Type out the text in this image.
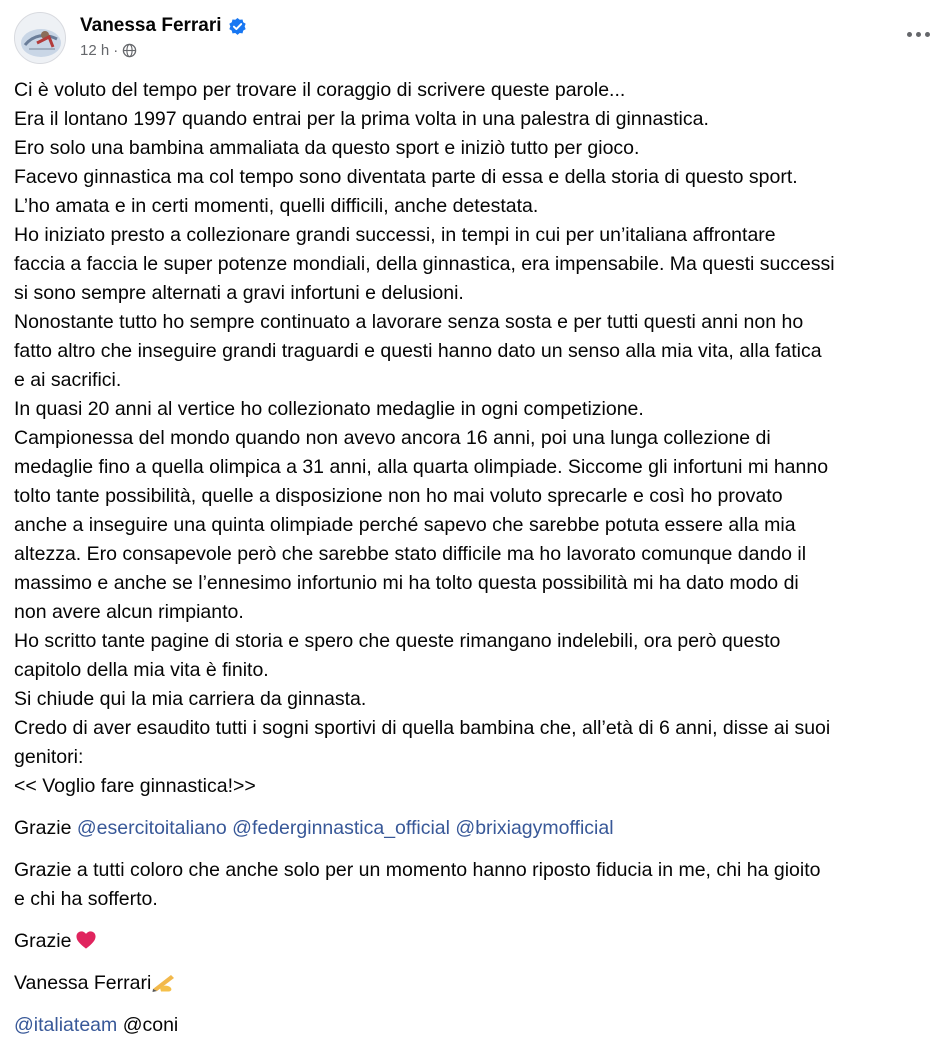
Vanessa Ferrari
12 h ·

Ci è voluto del tempo per trovare il coraggio di scrivere queste parole...
Era il lontano 1997 quando entrai per la prima volta in una palestra di ginnastica.
Ero solo una bambina ammaliata da questo sport e iniziò tutto per gioco.
Facevo ginnastica ma col tempo sono diventata parte di essa e della storia di questo sport.
L’ho amata e in certi momenti, quelli difficili, anche detestata.
Ho iniziato presto a collezionare grandi successi, in tempi in cui per un’italiana affrontare
faccia a faccia le super potenze mondiali, della ginnastica, era impensabile. Ma questi successi
si sono sempre alternati a gravi infortuni e delusioni.
Nonostante tutto ho sempre continuato a lavorare senza sosta e per tutti questi anni non ho
fatto altro che inseguire grandi traguardi e questi hanno dato un senso alla mia vita, alla fatica
e ai sacrifici.
In quasi 20 anni al vertice ho collezionato medaglie in ogni competizione.
Campionessa del mondo quando non avevo ancora 16 anni, poi una lunga collezione di
medaglie fino a quella olimpica a 31 anni, alla quarta olimpiade. Siccome gli infortuni mi hanno
tolto tante possibilità, quelle a disposizione non ho mai voluto sprecarle e così ho provato
anche a inseguire una quinta olimpiade perché sapevo che sarebbe potuta essere alla mia
altezza. Ero consapevole però che sarebbe stato difficile ma ho lavorato comunque dando il
massimo e anche se l’ennesimo infortunio mi ha tolto questa possibilità mi ha dato modo di
non avere alcun rimpianto.
Ho scritto tante pagine di storia e spero che queste rimangano indelebili, ora però questo
capitolo della mia vita è finito.
Si chiude qui la mia carriera da ginnasta.
Credo di aver esaudito tutti i sogni sportivi di quella bambina che, all’età di 6 anni, disse ai suoi
genitori:
<< Voglio fare ginnastica!>>

Grazie @esercitoitaliano @federginnastica_official @brixiagymofficial

Grazie a tutti coloro che anche solo per un momento hanno riposto fiducia in me, chi ha gioito
e chi ha sofferto.

Grazie

Vanessa Ferrari

@italiateam @coni
